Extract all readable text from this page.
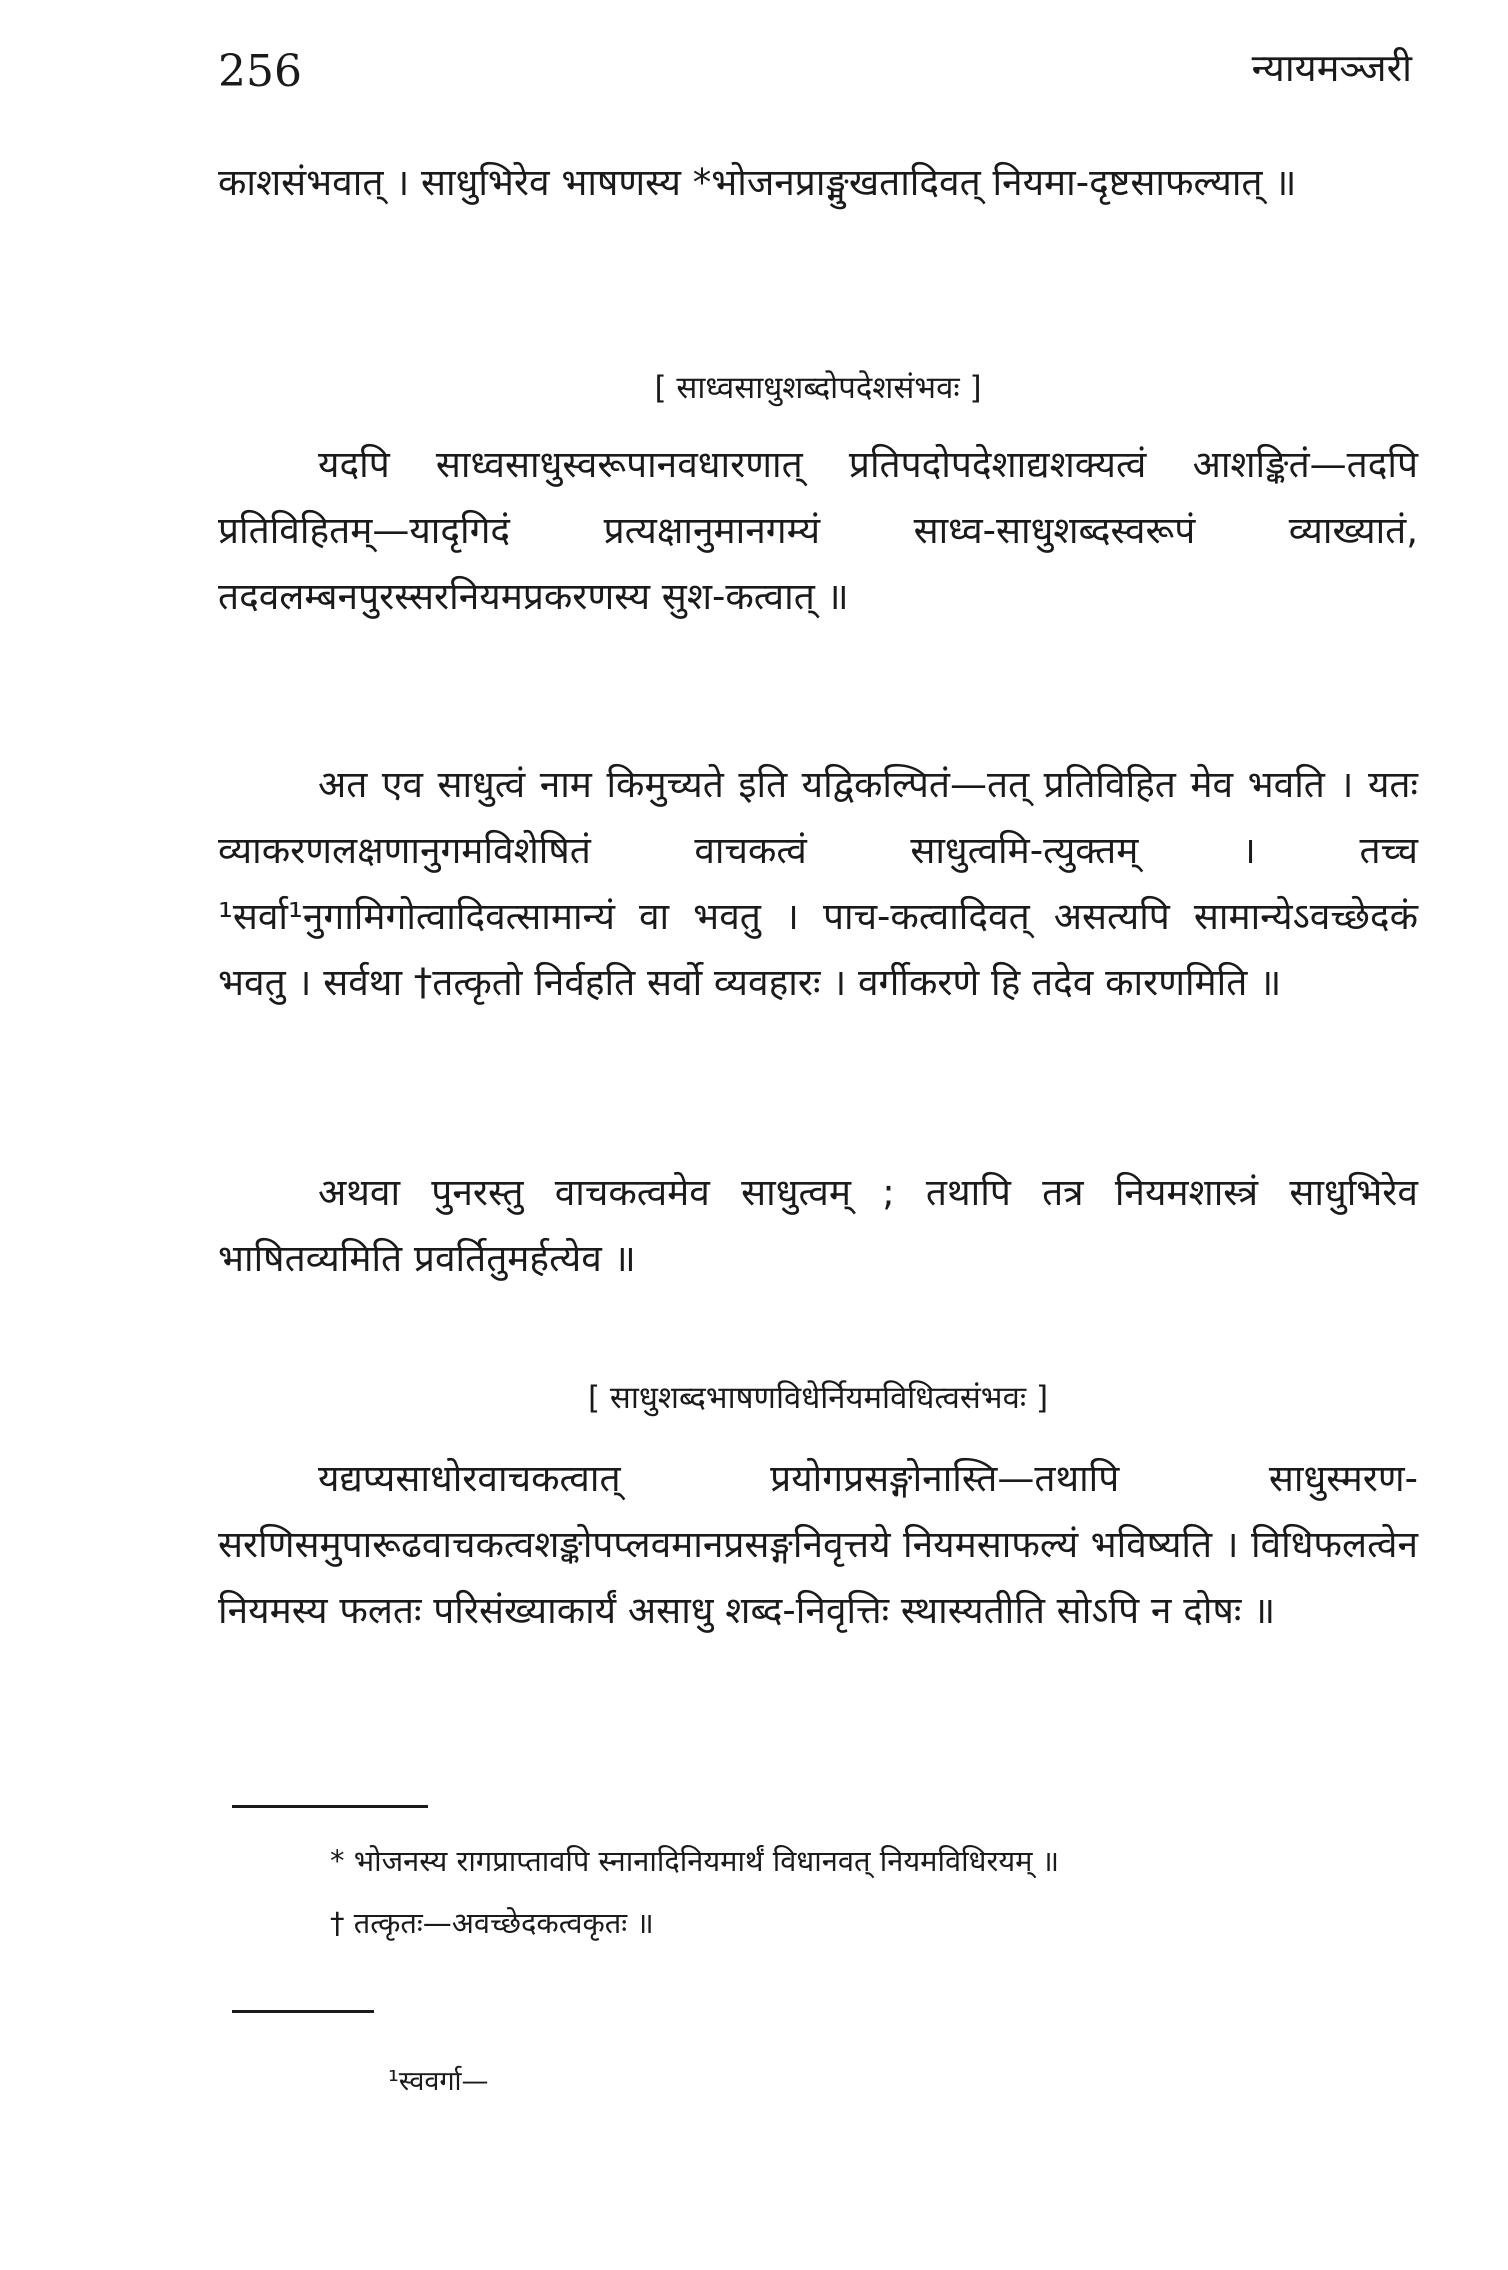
256	न्यायमञ्जरी
काशसंभवात् । साधुभिरेव भाषणस्य *भोजनप्राङ्मुखतादिवत् नियमा-दृष्टसाफल्यात् ॥
[ साध्वसाधुशब्दोपदेशसंभवः ]
यदपि साध्वसाधुस्वरूपानवधारणात् प्रतिपदोपदेशाद्यशक्यत्वं आशङ्कितं—तदपि प्रतिविहितम्—यादृगिदं प्रत्यक्षानुमानगम्यं साध्व-साधुशब्दस्वरूपं व्याख्यातं, तदवलम्बनपुरस्सरनियमप्रकरणस्य सुश-कत्वात् ॥
अत एव साधुत्वं नाम किमुच्यते इति यद्विकल्पितं—तत् प्रतिविहित मेव भवति । यतः व्याकरणलक्षणानुगमविशेषितं वाचकत्वं साधुत्वमि-त्युक्तम् । तच्च ¹सर्वा¹नुगामिगोत्वादिवत्सामान्यं वा भवतु । पाच-कत्वादिवत् असत्यपि सामान्येऽवच्छेदकं भवतु । सर्वथा †तत्कृतो निर्वहति सर्वो व्यवहारः । वर्गीकरणे हि तदेव कारणमिति ॥
अथवा पुनरस्तु वाचकत्वमेव साधुत्वम् ; तथापि तत्र नियमशास्त्रं साधुभिरेव भाषितव्यमिति प्रवर्तितुमर्हत्येव ॥
[ साधुशब्दभाषणविधेर्नियमविधित्वसंभवः ]
यद्यप्यसाधोरवाचकत्वात् प्रयोगप्रसङ्गोनास्ति—तथापि साधुस्मरण-सरणिसमुपारूढवाचकत्वशङ्कोपप्लवमानप्रसङ्गनिवृत्तये नियमसाफल्यं भविष्यति । विधिफलत्वेन नियमस्य फलतः परिसंख्याकार्यं असाधु शब्द-निवृत्तिः स्थास्यतीति सोऽपि न दोषः ॥
* भोजनस्य रागप्राप्तावपि स्नानादिनियमार्थं विधानवत् नियमविधिरयम् ॥
† तत्कृतः—अवच्छेदकत्वकृतः ॥
¹स्ववर्गा—
